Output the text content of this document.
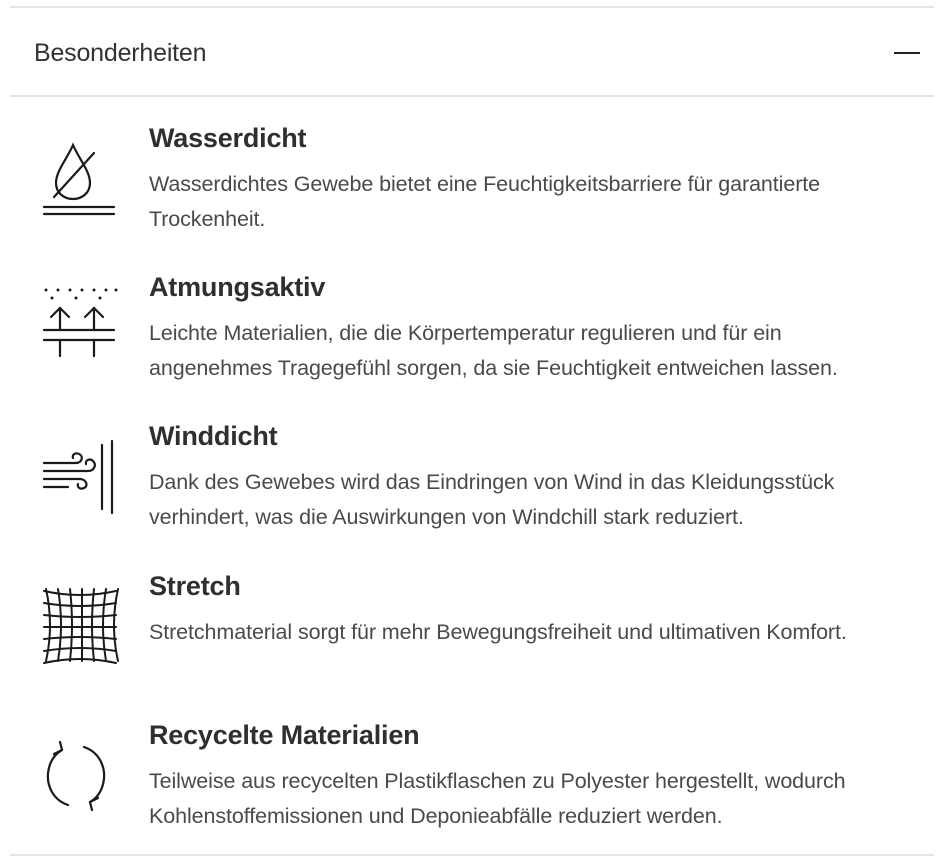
Besonderheiten
Wasserdicht
Wasserdichtes Gewebe bietet eine Feuchtigkeitsbarriere für garantierte Trockenheit.
Atmungsaktiv
Leichte Materialien, die die Körpertemperatur regulieren und für ein angenehmes Tragegefühl sorgen, da sie Feuchtigkeit entweichen lassen.
Winddicht
Dank des Gewebes wird das Eindringen von Wind in das Kleidungsstück verhindert, was die Auswirkungen von Windchill stark reduziert.
Stretch
Stretchmaterial sorgt für mehr Bewegungsfreiheit und ultimativen Komfort.
Recycelte Materialien
Teilweise aus recycelten Plastikflaschen zu Polyester hergestellt, wodurch Kohlenstoffemissionen und Deponieabfälle reduziert werden.
